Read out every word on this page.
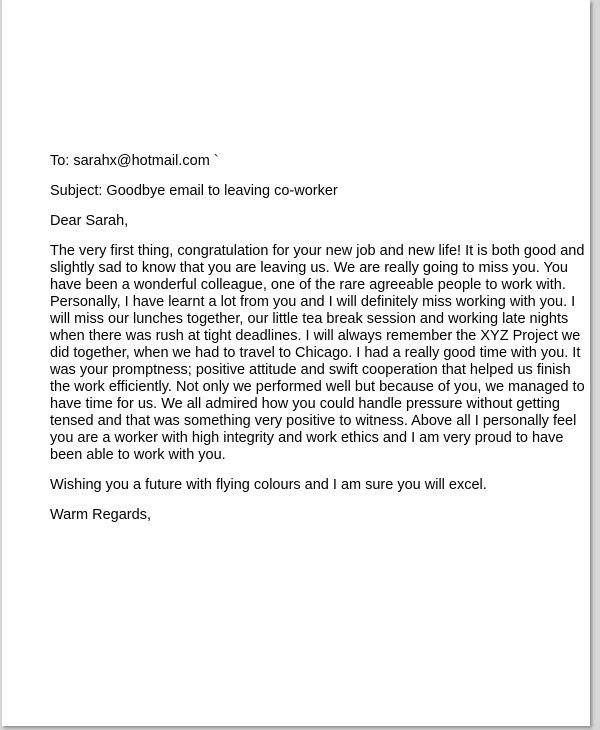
To: sarahx@hotmail.com `

Subject: Goodbye email to leaving co-worker

Dear Sarah,

The very first thing, congratulation for your new job and new life! It is both good and

slightly sad to know that you are leaving us. We are really going to miss you. You

have been a wonderful colleague, one of the rare agreeable people to work with.

Personally, I have learnt a lot from you and I will definitely miss working with you. I

will miss our lunches together, our little tea break session and working late nights

when there was rush at tight deadlines. I will always remember the XYZ Project we

did together, when we had to travel to Chicago. I had a really good time with you. It

was your promptness; positive attitude and swift cooperation that helped us finish

the work efficiently. Not only we performed well but because of you, we managed to

have time for us. We all admired how you could handle pressure without getting

tensed and that was something very positive to witness. Above all I personally feel

you are a worker with high integrity and work ethics and I am very proud to have

been able to work with you.

Wishing you a future with flying colours and I am sure you will excel.

Warm Regards,
